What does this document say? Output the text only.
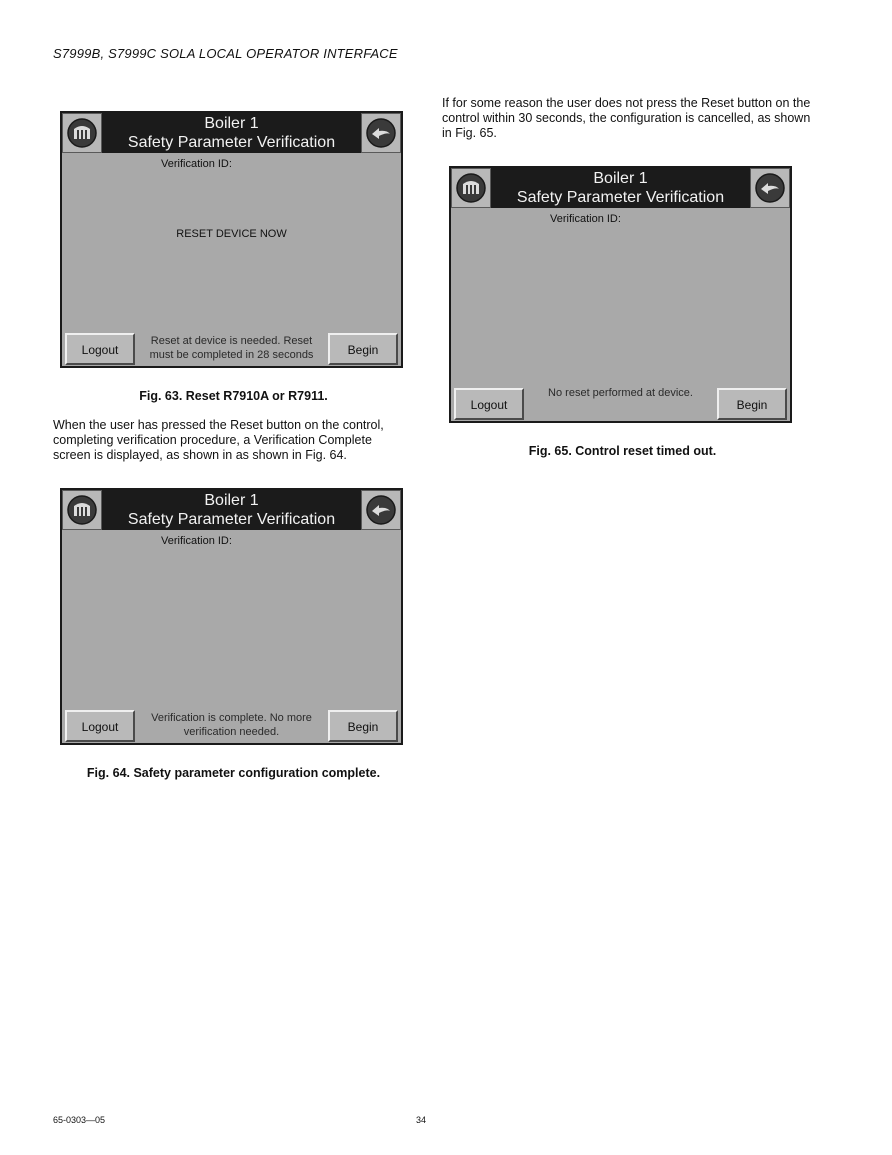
S7999B, S7999C SOLA LOCAL OPERATOR INTERFACE
Boiler 1
Safety Parameter Verification
Verification ID:
RESET DEVICE NOW
Logout
Reset at device is needed. Reset
must be completed in 28 seconds	Begin

Fig. 63. Reset R7910A or R7911.

When the user has pressed the Reset button on the control, completing verification procedure, a Verification Complete screen is displayed, as shown in as shown in Fig. 64.

Boiler 1
Safety Parameter Verification
Verification ID:
Logout
Verification is complete. No more
verification needed.	Begin

Fig. 64. Safety parameter configuration complete.

If for some reason the user does not press the Reset button on the control within 30 seconds, the configuration is cancelled, as shown in Fig. 65.

Boiler 1
Safety Parameter Verification
Verification ID:
Logout
No reset performed at device.
Begin

Fig. 65. Control reset timed out.

65-0303—05	34
